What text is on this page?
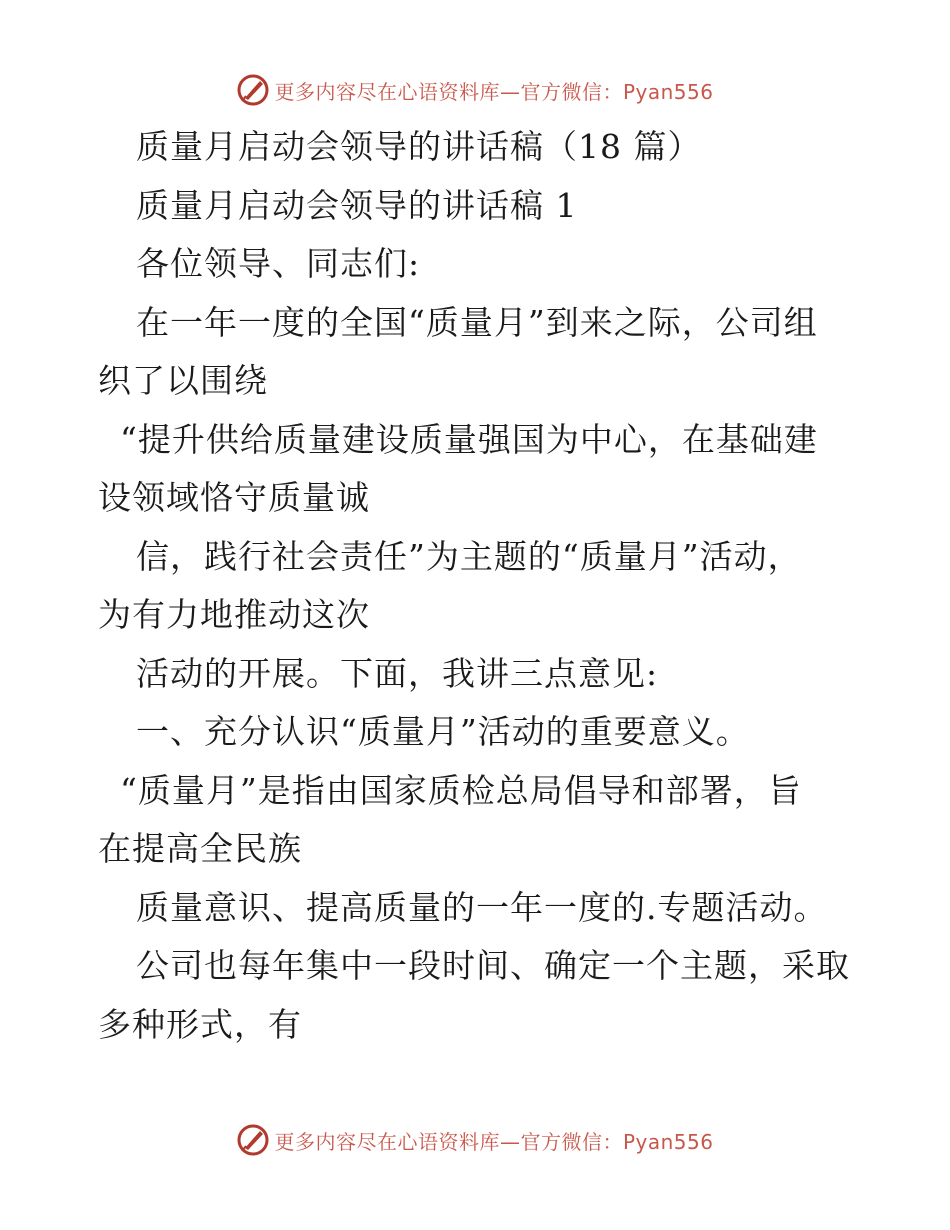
更多内容尽在心语资料库—官方微信：Pyan556
质量月启动会领导的讲话稿（18 篇）
质量月启动会领导的讲话稿 1
各位领导、同志们:
在一年一度的全国“质量月”到来之际，公司组
织了以围绕
“提升供给质量建设质量强国为中心，在基础建
设领域恪守质量诚
信，践行社会责任”为主题的“质量月”活动，
为有力地推动这次
活动的开展。下面，我讲三点意见:
一、充分认识“质量月”活动的重要意义。
“质量月”是指由国家质检总局倡导和部署，旨
在提高全民族
质量意识、提高质量的一年一度的.专题活动。
公司也每年集中一段时间、确定一个主题，采取
多种形式，有
更多内容尽在心语资料库—官方微信：Pyan556
